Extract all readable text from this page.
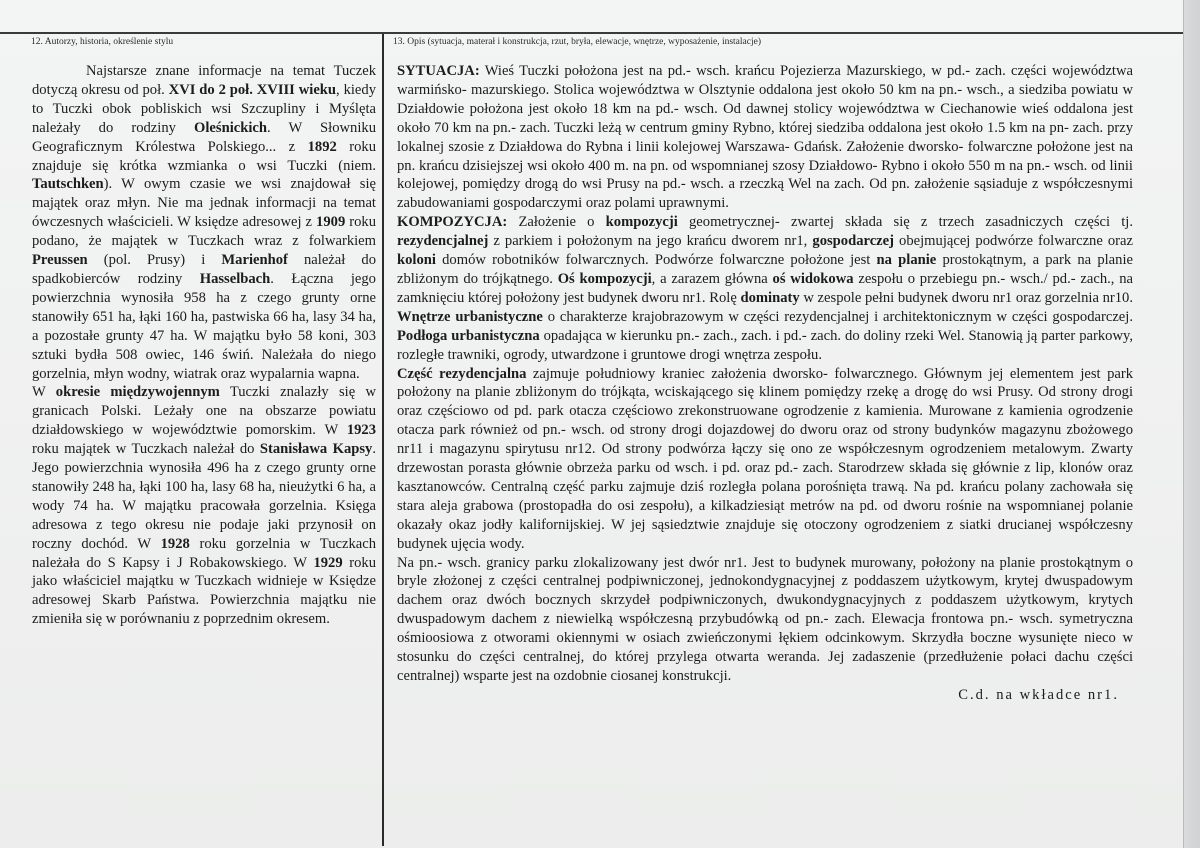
12. Autorzy, historia, określenie stylu	13. Opis (sytuacja, materał i konstrukcja, rzut, bryła, elewacje, wnętrze, wyposażenie, instalacje)

Najstarsze znane informacje na temat Tuczek dotyczą okresu od poł. XVI do 2 poł. XVIII wieku, kiedy to Tuczki obok pobliskich wsi Szczupliny i Myślęta należały do rodziny Oleśnickich. W Słowniku Geograficznym Królestwa Polskiego... z 1892 roku znajduje się krótka wzmianka o wsi Tuczki (niem. Tautschken). W owym czasie we wsi znajdował się majątek oraz młyn. Nie ma jednak informacji na temat ówczesnych właścicieli. W księdze adresowej z 1909 roku podano, że majątek w Tuczkach wraz z folwarkiem Preussen (pol. Prusy) i Marienhof należał do spadkobierców rodziny Hasselbach. Łączna jego powierzchnia wynosiła 958 ha z czego grunty orne stanowiły 651 ha, łąki 160 ha, pastwiska 66 ha, lasy 34 ha, a pozostałe grunty 47 ha. W majątku było 58 koni, 303 sztuki bydła 508 owiec, 146 świń. Należała do niego gorzelnia, młyn wodny, wiatrak oraz wypalarnia wapna.

W okresie międzywojennym Tuczki znalazły się w granicach Polski. Leżały one na obszarze powiatu działdowskiego w województwie pomorskim. W 1923 roku majątek w Tuczkach należał do Stanisława Kapsy. Jego powierzchnia wynosiła 496 ha z czego grunty orne stanowiły 248 ha, łąki 100 ha, lasy 68 ha, nieużytki 6 ha, a wody 74 ha. W majątku pracowała gorzelnia. Księga adresowa z tego okresu nie podaje jaki przynosił on roczny dochód. W 1928 roku gorzelnia w Tuczkach należała do S Kapsy i J Robakowskiego. W 1929 roku jako właściciel majątku w Tuczkach widnieje w Księdze adresowej Skarb Państwa. Powierzchnia majątku nie zmieniła się w porównaniu z poprzednim okresem.

SYTUACJA: Wieś Tuczki położona jest na pd.- wsch. krańcu Pojezierza Mazurskiego, w pd.- zach. części województwa warmińsko- mazurskiego. Stolica województwa w Olsztynie oddalona jest około 50 km na pn.- wsch., a siedziba powiatu w Działdowie położona jest około 18 km na pd.- wsch. Od dawnej stolicy województwa w Ciechanowie wieś oddalona jest około 70 km na pn.- zach. Tuczki leżą w centrum gminy Rybno, której siedziba oddalona jest około 1.5 km na pn- zach. przy lokalnej szosie z Działdowa do Rybna i linii kolejowej Warszawa- Gdańsk. Założenie dworsko- folwarczne położone jest na pn. krańcu dzisiejszej wsi około 400 m. na pn. od wspomnianej szosy Działdowo- Rybno i około 550 m na pn.- wsch. od linii kolejowej, pomiędzy drogą do wsi Prusy na pd.- wsch. a rzeczką Wel na zach. Od pn. założenie sąsiaduje z współczesnymi zabudowaniami gospodarczymi oraz polami uprawnymi.

KOMPOZYCJA: Założenie o kompozycji geometrycznej- zwartej składa się z trzech zasadniczych części tj. rezydencjalnej z parkiem i położonym na jego krańcu dworem nr1, gospodarczej obejmującej podwórze folwarczne oraz koloni domów robotników folwarcznych. Podwórze folwarczne położone jest na planie prostokątnym, a park na planie zbliżonym do trójkątnego. Oś kompozycji, a zarazem główna oś widokowa zespołu o przebiegu pn.- wsch./ pd.- zach., na zamknięciu której położony jest budynek dworu nr1. Rolę dominaty w zespole pełni budynek dworu nr1 oraz gorzelnia nr10. Wnętrze urbanistyczne o charakterze krajobrazowym w części rezydencjalnej i architektonicznym w części gospodarczej. Podłoga urbanistyczna opadająca w kierunku pn.- zach., zach. i pd.- zach. do doliny rzeki Wel. Stanowią ją parter parkowy, rozległe trawniki, ogrody, utwardzone i gruntowe drogi wnętrza zespołu.

Część rezydencjalna zajmuje południowy kraniec założenia dworsko- folwarcznego. Głównym jej elementem jest park położony na planie zbliżonym do trójkąta, wciskającego się klinem pomiędzy rzekę a drogę do wsi Prusy. Od strony drogi oraz częściowo od pd. park otacza częściowo zrekonstruowane ogrodzenie z kamienia. Murowane z kamienia ogrodzenie otacza park również od pn.- wsch. od strony drogi dojazdowej do dworu oraz od strony budynków magazynu zbożowego nr11 i magazynu spirytusu nr12. Od strony podwórza łączy się ono ze współczesnym ogrodzeniem metalowym. Zwarty drzewostan porasta głównie obrzeża parku od wsch. i pd. oraz pd.- zach. Starodrzew składa się głównie z lip, klonów oraz kasztanowców. Centralną część parku zajmuje dziś rozległa polana porośnięta trawą. Na pd. krańcu polany zachowała się stara aleja grabowa (prostopadła do osi zespołu), a kilkadziesiąt metrów na pd. od dworu rośnie na wspomnianej polanie okazały okaz jodły kalifornijskiej. W jej sąsiedztwie znajduje się otoczony ogrodzeniem z siatki drucianej współczesny budynek ujęcia wody.

Na pn.- wsch. granicy parku zlokalizowany jest dwór nr1. Jest to budynek murowany, położony na planie prostokątnym o bryle złożonej z części centralnej podpiwniczonej, jednokondygnacyjnej z poddaszem użytkowym, krytej dwuspadowym dachem oraz dwóch bocznych skrzydeł podpiwniczonych, dwukondygnacyjnych z poddaszem użytkowym, krytych dwuspadowym dachem z niewielką współczesną przybudówką od pn.- zach. Elewacja frontowa pn.- wsch. symetryczna ośmioosiowa z otworami okiennymi w osiach zwieńczonymi łękiem odcinkowym. Skrzydła boczne wysunięte nieco w stosunku do części centralnej, do której przylega otwarta weranda. Jej zadaszenie (przedłużenie połaci dachu części centralnej) wsparte jest na ozdobnie ciosanej konstrukcji.

C.d. na wkładce nr1.
